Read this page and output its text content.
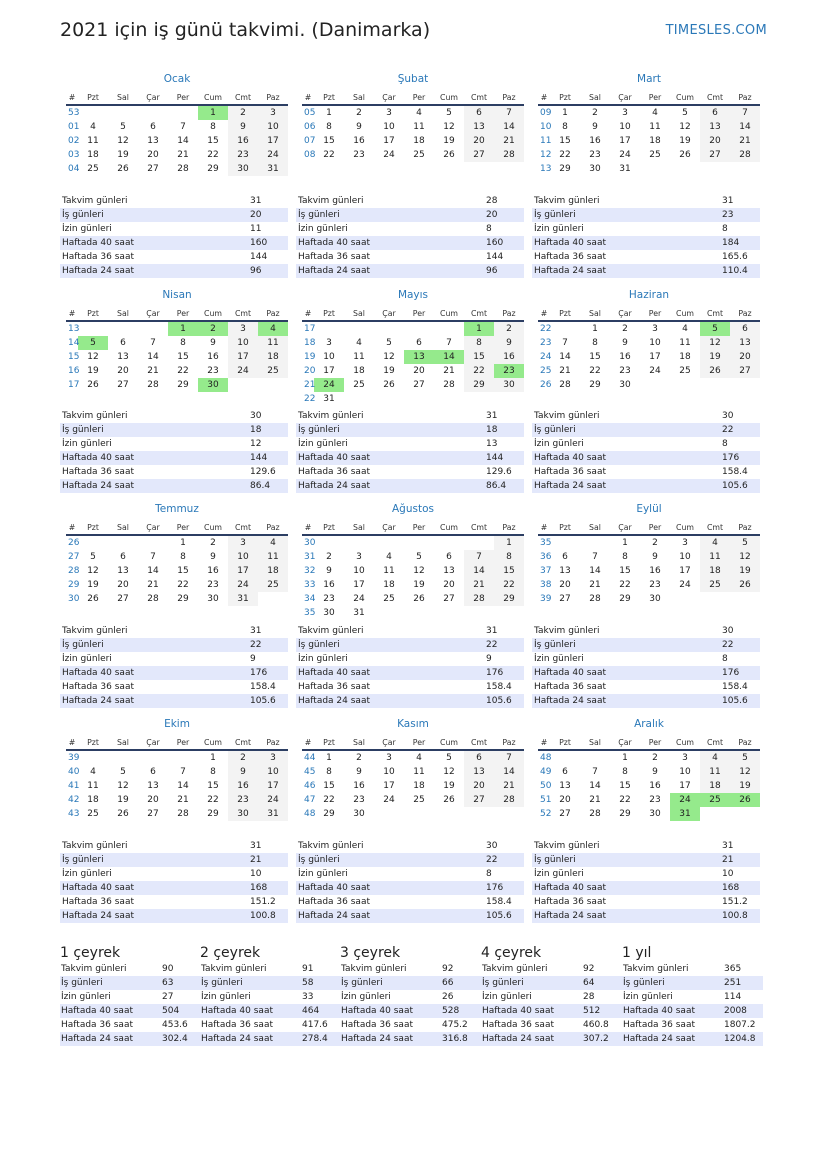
2021 için iş günü takvimi. (Danimarka)	TIMESLES.COM
Ocak
#	Pzt	Sal	Çar	Per	Cum	Cmt	Paz
53					1	2	3
01	4	5	6	7	8	9	10
02	11	12	13	14	15	16	17
03	18	19	20	21	22	23	24
04	25	26	27	28	29	30	31
Takvim günleri	31
İş günleri	20
İzin günleri	11
Haftada 40 saat	160
Haftada 36 saat	144
Haftada 24 saat	96
Şubat
#	Pzt	Sal	Çar	Per	Cum	Cmt	Paz
05	1	2	3	4	5	6	7
06	8	9	10	11	12	13	14
07	15	16	17	18	19	20	21
08	22	23	24	25	26	27	28
Takvim günleri	28
İş günleri	20
İzin günleri	8
Haftada 40 saat	160
Haftada 36 saat	144
Haftada 24 saat	96
Mart
#	Pzt	Sal	Çar	Per	Cum	Cmt	Paz
09	1	2	3	4	5	6	7
10	8	9	10	11	12	13	14
11	15	16	17	18	19	20	21
12	22	23	24	25	26	27	28
13	29	30	31				
Takvim günleri	31
İş günleri	23
İzin günleri	8
Haftada 40 saat	184
Haftada 36 saat	165.6
Haftada 24 saat	110.4
Nisan
#	Pzt	Sal	Çar	Per	Cum	Cmt	Paz
13				1	2	3	4
14	5	6	7	8	9	10	11
15	12	13	14	15	16	17	18
16	19	20	21	22	23	24	25
17	26	27	28	29	30		
Takvim günleri	30
İş günleri	18
İzin günleri	12
Haftada 40 saat	144
Haftada 36 saat	129.6
Haftada 24 saat	86.4
Mayıs
#	Pzt	Sal	Çar	Per	Cum	Cmt	Paz
17						1	2
18	3	4	5	6	7	8	9
19	10	11	12	13	14	15	16
20	17	18	19	20	21	22	23
21	24	25	26	27	28	29	30
22	31						
Takvim günleri	31
İş günleri	18
İzin günleri	13
Haftada 40 saat	144
Haftada 36 saat	129.6
Haftada 24 saat	86.4
Haziran
#	Pzt	Sal	Çar	Per	Cum	Cmt	Paz
22		1	2	3	4	5	6
23	7	8	9	10	11	12	13
24	14	15	16	17	18	19	20
25	21	22	23	24	25	26	27
26	28	29	30				
Takvim günleri	30
İş günleri	22
İzin günleri	8
Haftada 40 saat	176
Haftada 36 saat	158.4
Haftada 24 saat	105.6
Temmuz
#	Pzt	Sal	Çar	Per	Cum	Cmt	Paz
26				1	2	3	4
27	5	6	7	8	9	10	11
28	12	13	14	15	16	17	18
29	19	20	21	22	23	24	25
30	26	27	28	29	30	31	
Takvim günleri	31
İş günleri	22
İzin günleri	9
Haftada 40 saat	176
Haftada 36 saat	158.4
Haftada 24 saat	105.6
Ağustos
#	Pzt	Sal	Çar	Per	Cum	Cmt	Paz
30							1
31	2	3	4	5	6	7	8
32	9	10	11	12	13	14	15
33	16	17	18	19	20	21	22
34	23	24	25	26	27	28	29
35	30	31					
Takvim günleri	31
İş günleri	22
İzin günleri	9
Haftada 40 saat	176
Haftada 36 saat	158.4
Haftada 24 saat	105.6
Eylül
#	Pzt	Sal	Çar	Per	Cum	Cmt	Paz
35			1	2	3	4	5
36	6	7	8	9	10	11	12
37	13	14	15	16	17	18	19
38	20	21	22	23	24	25	26
39	27	28	29	30			
Takvim günleri	30
İş günleri	22
İzin günleri	8
Haftada 40 saat	176
Haftada 36 saat	158.4
Haftada 24 saat	105.6
Ekim
#	Pzt	Sal	Çar	Per	Cum	Cmt	Paz
39					1	2	3
40	4	5	6	7	8	9	10
41	11	12	13	14	15	16	17
42	18	19	20	21	22	23	24
43	25	26	27	28	29	30	31
Takvim günleri	31
İş günleri	21
İzin günleri	10
Haftada 40 saat	168
Haftada 36 saat	151.2
Haftada 24 saat	100.8
Kasım
#	Pzt	Sal	Çar	Per	Cum	Cmt	Paz
44	1	2	3	4	5	6	7
45	8	9	10	11	12	13	14
46	15	16	17	18	19	20	21
47	22	23	24	25	26	27	28
48	29	30					
Takvim günleri	30
İş günleri	22
İzin günleri	8
Haftada 40 saat	176
Haftada 36 saat	158.4
Haftada 24 saat	105.6
Aralık
#	Pzt	Sal	Çar	Per	Cum	Cmt	Paz
48			1	2	3	4	5
49	6	7	8	9	10	11	12
50	13	14	15	16	17	18	19
51	20	21	22	23	24	25	26
52	27	28	29	30	31		
Takvim günleri	31
İş günleri	21
İzin günleri	10
Haftada 40 saat	168
Haftada 36 saat	151.2
Haftada 24 saat	100.8
1 çeyrek
Takvim günleri	90
İş günleri	63
İzin günleri	27
Haftada 40 saat	504
Haftada 36 saat	453.6
Haftada 24 saat	302.4
2 çeyrek
Takvim günleri	91
İş günleri	58
İzin günleri	33
Haftada 40 saat	464
Haftada 36 saat	417.6
Haftada 24 saat	278.4
3 çeyrek
Takvim günleri	92
İş günleri	66
İzin günleri	26
Haftada 40 saat	528
Haftada 36 saat	475.2
Haftada 24 saat	316.8
4 çeyrek
Takvim günleri	92
İş günleri	64
İzin günleri	28
Haftada 40 saat	512
Haftada 36 saat	460.8
Haftada 24 saat	307.2
1 yıl
Takvim günleri	365
İş günleri	251
İzin günleri	114
Haftada 40 saat	2008
Haftada 36 saat	1807.2
Haftada 24 saat	1204.8
